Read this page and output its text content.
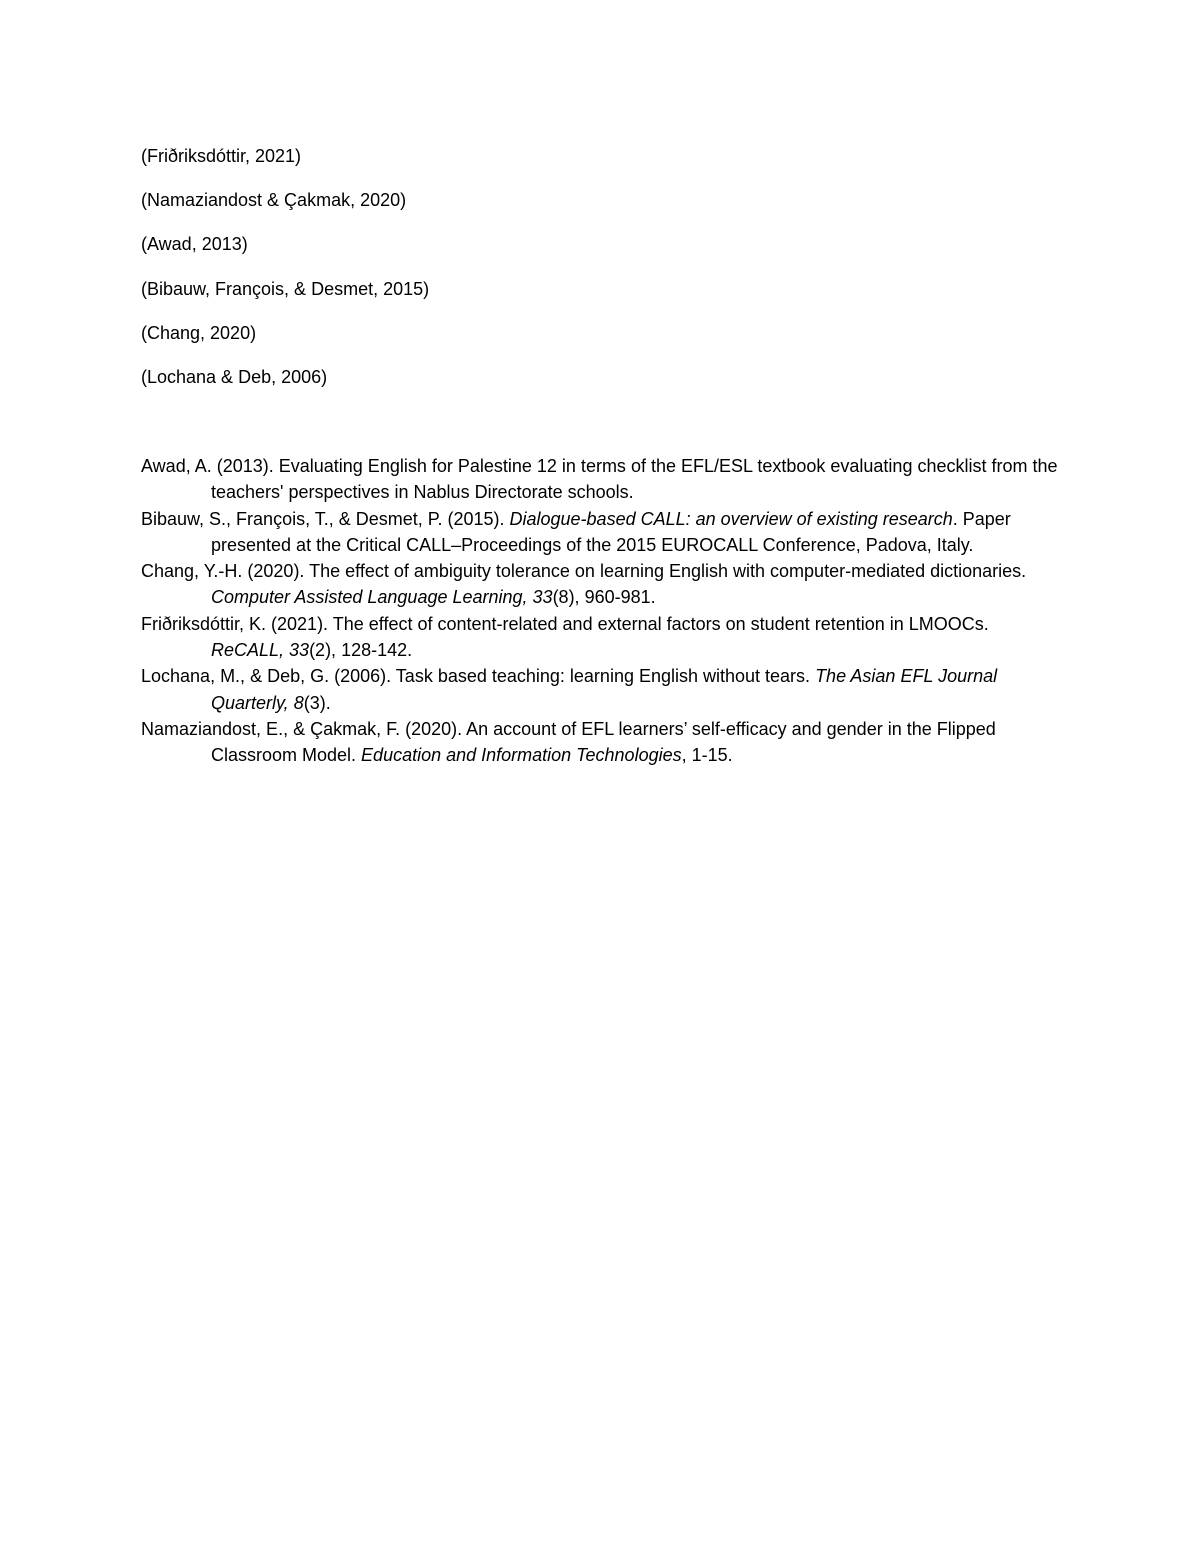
(Friðriksdóttir, 2021)
(Namaziandost & Çakmak, 2020)
(Awad, 2013)
(Bibauw, François, & Desmet, 2015)
(Chang, 2020)
(Lochana & Deb, 2006)
Awad, A. (2013). Evaluating English for Palestine 12 in terms of the EFL/ESL textbook evaluating checklist from the teachers' perspectives in Nablus Directorate schools.
Bibauw, S., François, T., & Desmet, P. (2015). Dialogue-based CALL: an overview of existing research. Paper presented at the Critical CALL–Proceedings of the 2015 EUROCALL Conference, Padova, Italy.
Chang, Y.-H. (2020). The effect of ambiguity tolerance on learning English with computer-mediated dictionaries. Computer Assisted Language Learning, 33(8), 960-981.
Friðriksdóttir, K. (2021). The effect of content-related and external factors on student retention in LMOOCs. ReCALL, 33(2), 128-142.
Lochana, M., & Deb, G. (2006). Task based teaching: learning English without tears. The Asian EFL Journal Quarterly, 8(3).
Namaziandost, E., & Çakmak, F. (2020). An account of EFL learners’ self-efficacy and gender in the Flipped Classroom Model. Education and Information Technologies, 1-15.
